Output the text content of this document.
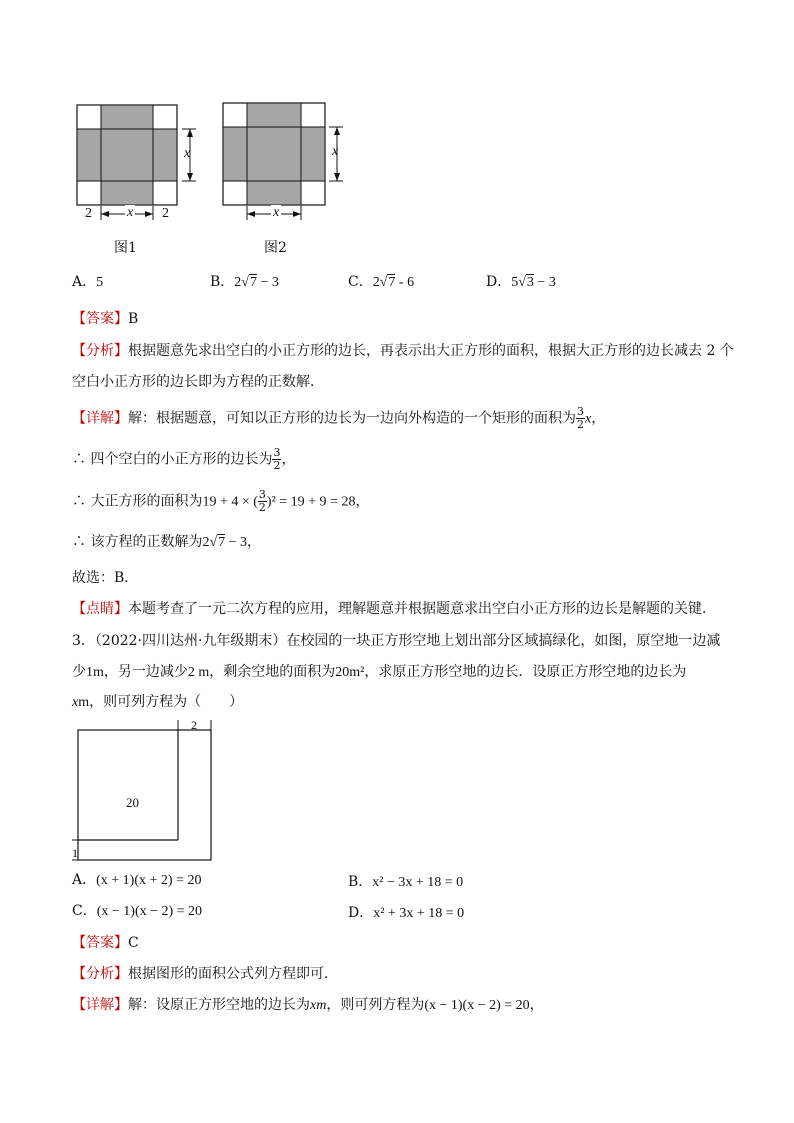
x
x
2	2
图1
x
x
图2
A．5	B．2√7 − 3	C．2√7 - 6	D．5√3 − 3
【答案】B
【分析】根据题意先求出空白的小正方形的边长，再表示出大正方形的面积，根据大正方形的边长减去 2 个
空白小正方形的边长即为方程的正数解．
【详解】解：根据题意，可知以正方形的边长为一边向外构造的一个矩形的面积为 $\frac{3}{2}$ x，
∴ 四个空白的小正方形的边长为 $\frac{3}{2}$ ，
∴ 大正方形的面积为19 + 4 × ( $\frac{3}{2} )^2 = 19 + 9 = 28$，
∴ 该方程的正数解为2√7 − 3，
故选：B．
【点睛】本题考查了一元二次方程的应用，理解题意并根据题意求出空白小正方形的边长是解题的关键．
3．（2022·四川达州·九年级期末）在校园的一块正方形空地上划出部分区域搞绿化，如图，原空地一边减
少1m，另一边减少2 m，剩余空地的面积为20m²，求原正方形空地的边长．设原正方形空地的边长为
xm，则可列方程为（　　）
2
20
1
A．(x + 1)(x + 2) = 20	B．x² − 3x + 18 = 0
C．(x − 1)(x − 2) = 20	D．x² + 3x + 18 = 0
【答案】C
【分析】根据图形的面积公式列方程即可．
【详解】解：设原正方形空地的边长为xm，则可列方程为(x − 1)(x − 2) = 20，
